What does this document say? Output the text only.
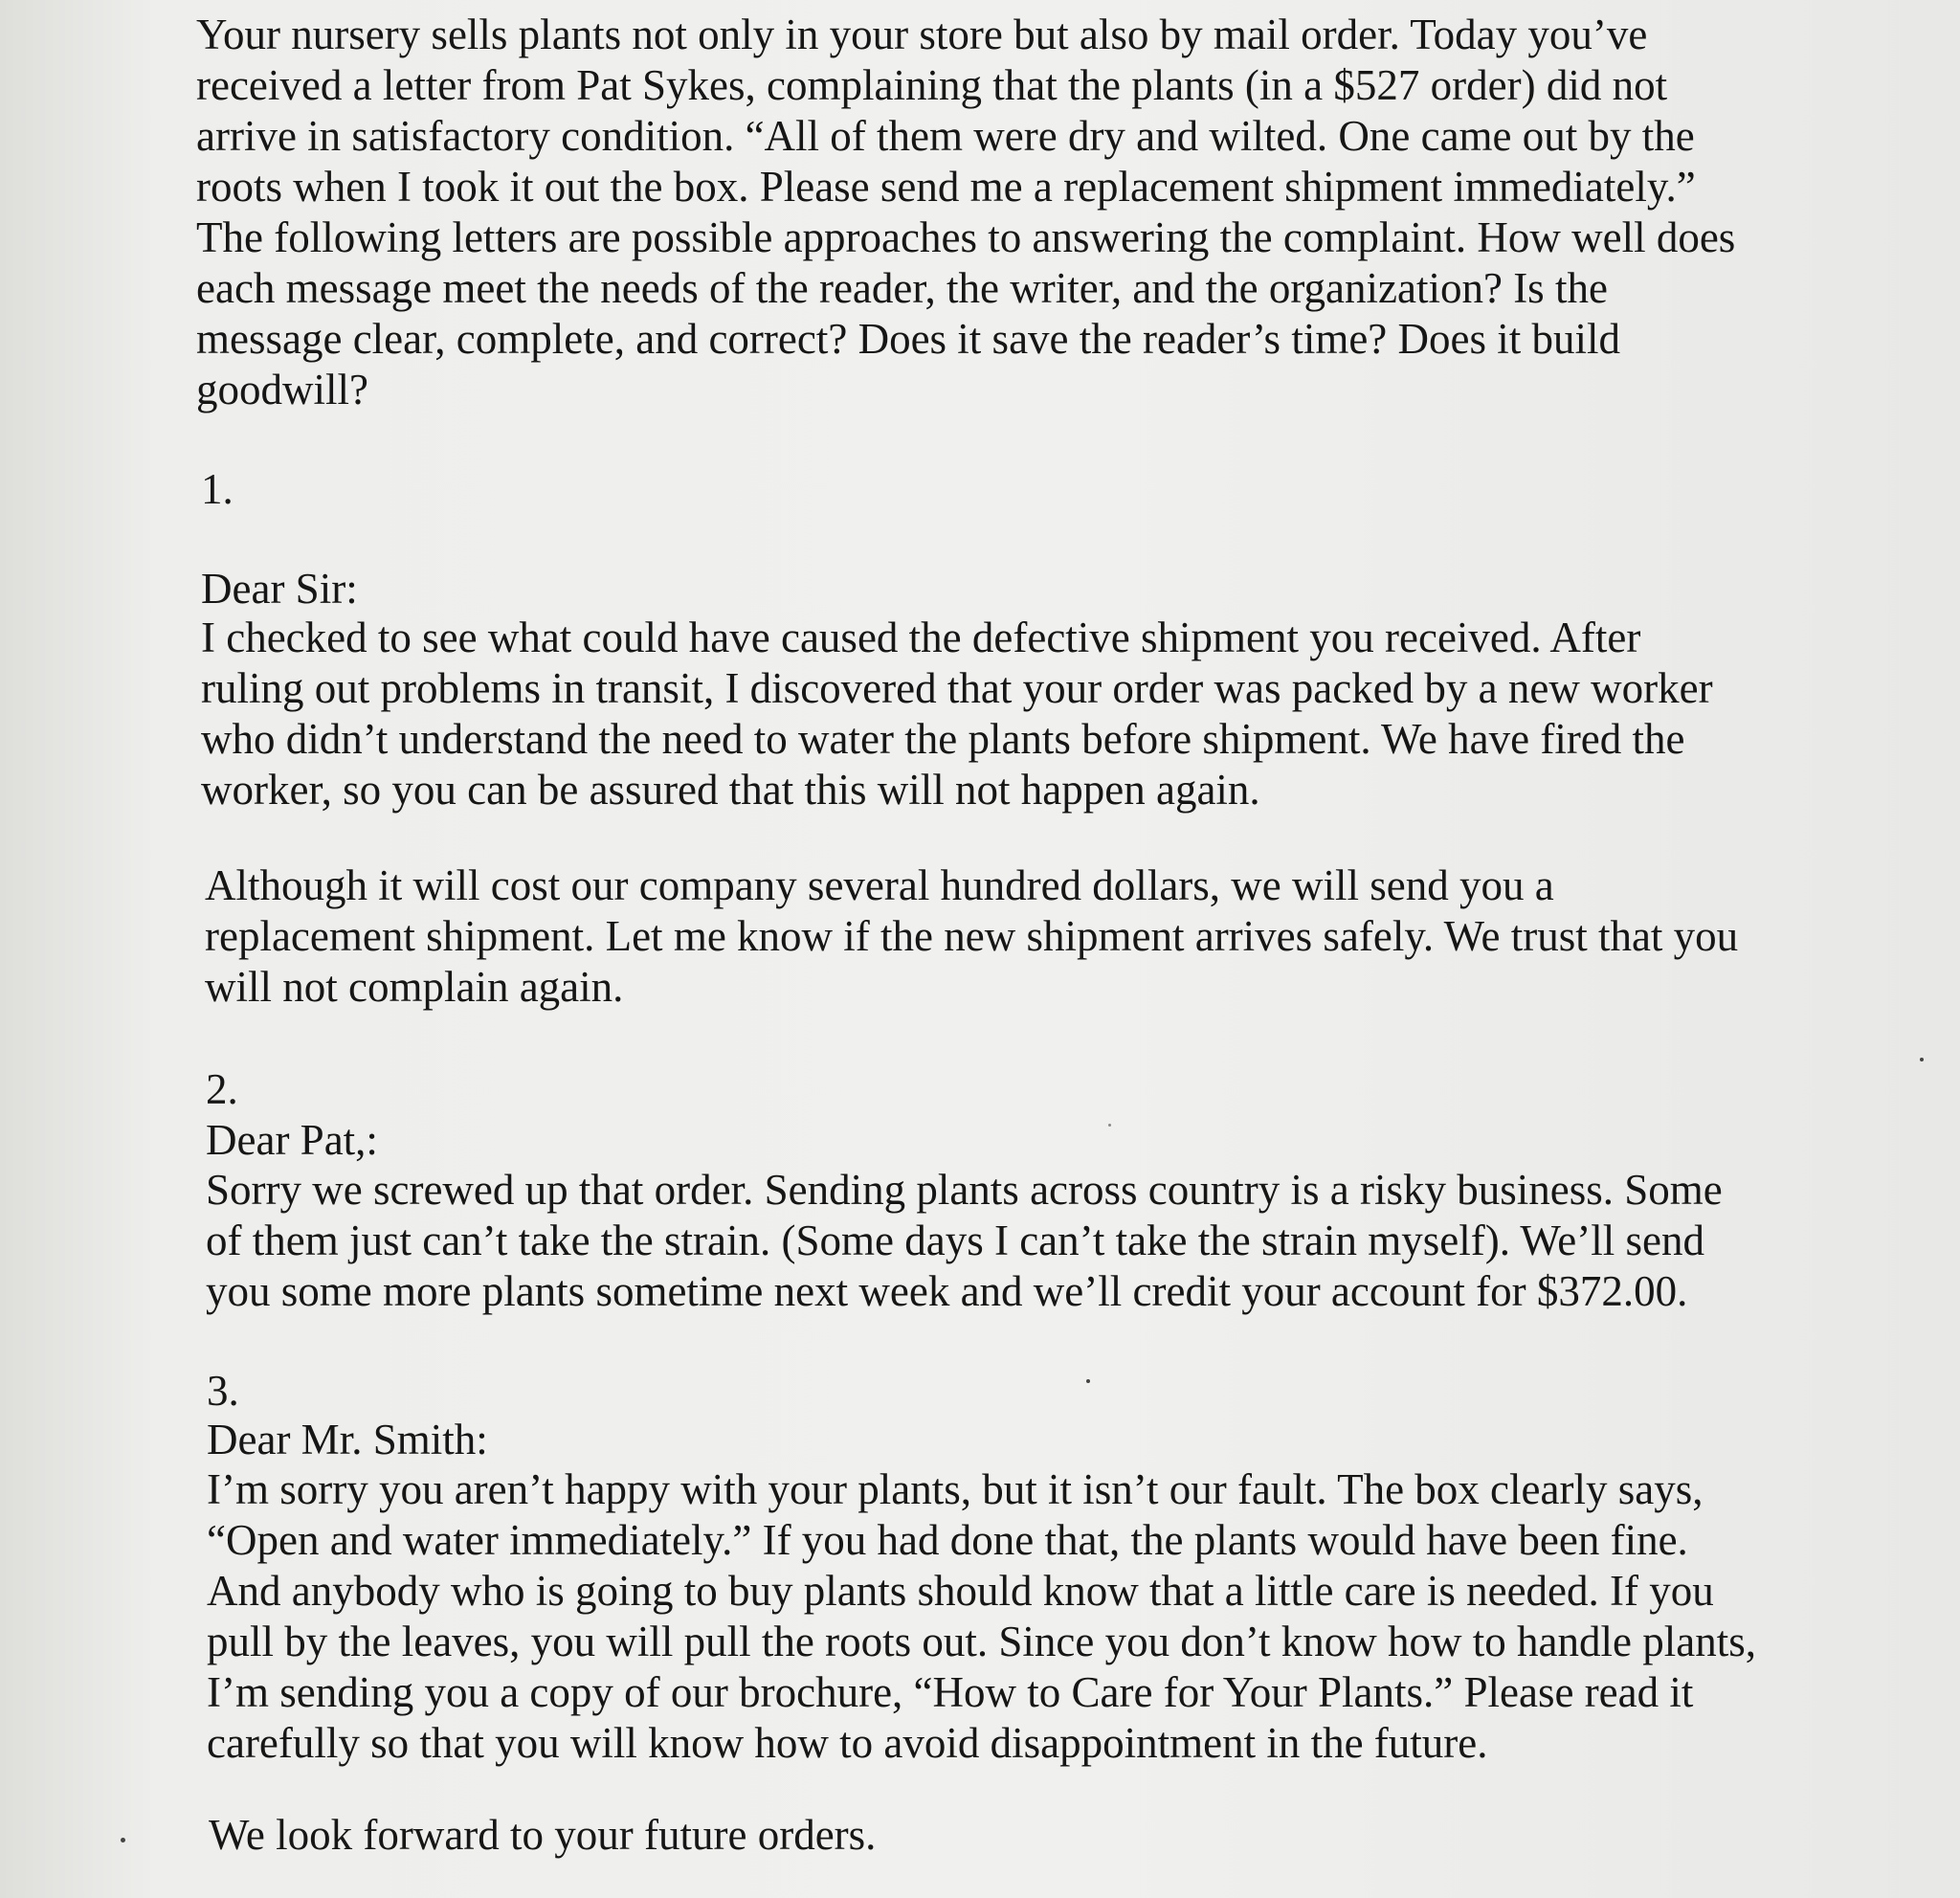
Your nursery sells plants not only in your store but also by mail order. Today you’ve
received a letter from Pat Sykes, complaining that the plants (in a $527 order) did not
arrive in satisfactory condition. “All of them were dry and wilted. One came out by the
roots when I took it out the box. Please send me a replacement shipment immediately.”
The following letters are possible approaches to answering the complaint. How well does
each message meet the needs of the reader, the writer, and the organization? Is the
message clear, complete, and correct? Does it save the reader’s time? Does it build
goodwill?
1.
Dear Sir:
I checked to see what could have caused the defective shipment you received. After
ruling out problems in transit, I discovered that your order was packed by a new worker
who didn’t understand the need to water the plants before shipment. We have fired the
worker, so you can be assured that this will not happen again.
Although it will cost our company several hundred dollars, we will send you a
replacement shipment. Let me know if the new shipment arrives safely. We trust that you
will not complain again.
2.
Dear Pat,:
Sorry we screwed up that order. Sending plants across country is a risky business. Some
of them just can’t take the strain. (Some days I can’t take the strain myself). We’ll send
you some more plants sometime next week and we’ll credit your account for $372.00.
3.
Dear Mr. Smith:
I’m sorry you aren’t happy with your plants, but it isn’t our fault. The box clearly says,
“Open and water immediately.” If you had done that, the plants would have been fine.
And anybody who is going to buy plants should know that a little care is needed. If you
pull by the leaves, you will pull the roots out. Since you don’t know how to handle plants,
I’m sending you a copy of our brochure, “How to Care for Your Plants.” Please read it
carefully so that you will know how to avoid disappointment in the future.
We look forward to your future orders.
